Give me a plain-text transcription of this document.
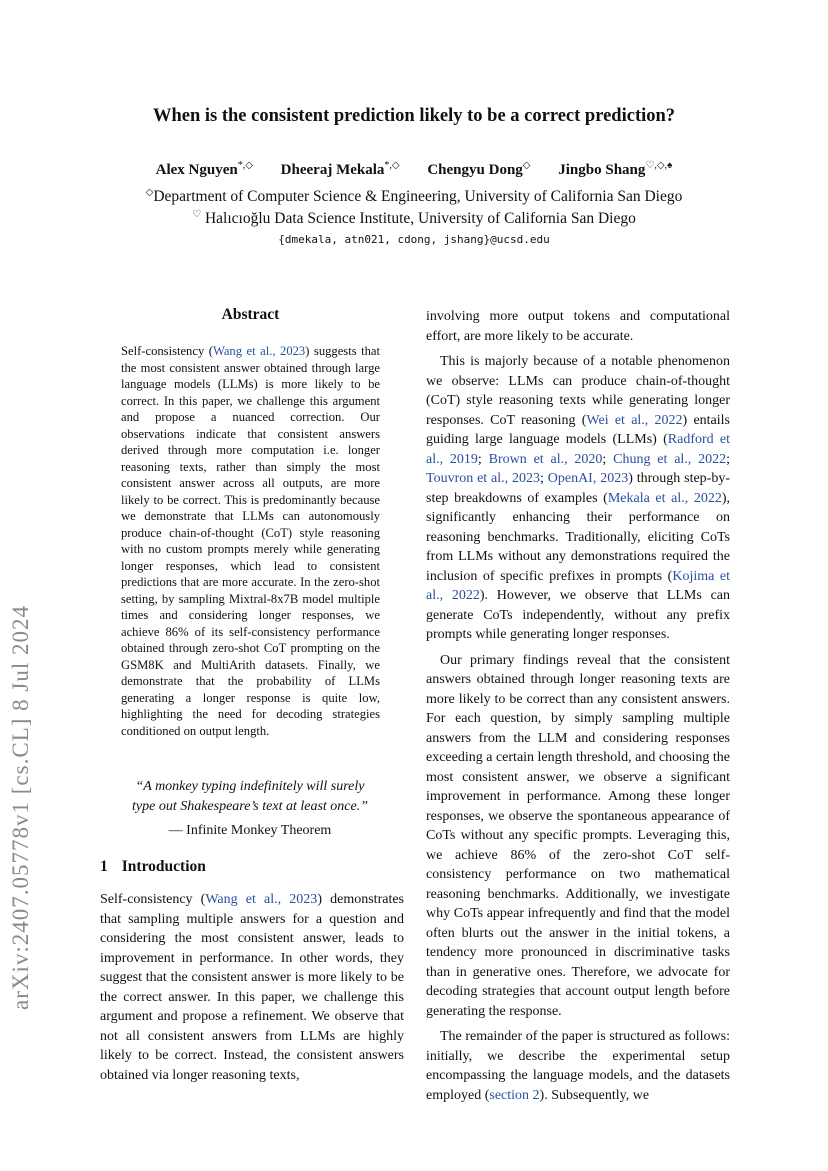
arXiv:2407.05778v1 [cs.CL] 8 Jul 2024
When is the consistent prediction likely to be a correct prediction?
Alex Nguyen*,◇ Dheeraj Mekala*,◇ Chengyu Dong◇ Jingbo Shang♡,◇,♠
◇Department of Computer Science & Engineering, University of California San Diego
♡ Halıcıoğlu Data Science Institute, University of California San Diego
{dmekala, atn021, cdong, jshang}@ucsd.edu
Abstract
Self-consistency (Wang et al., 2023) suggests that the most consistent answer obtained through large language models (LLMs) is more likely to be correct. In this paper, we challenge this argument and propose a nuanced correction. Our observations indicate that consistent answers derived through more computation i.e. longer reasoning texts, rather than simply the most consistent answer across all outputs, are more likely to be correct. This is predominantly because we demonstrate that LLMs can autonomously produce chain-of-thought (CoT) style reasoning with no custom prompts merely while generating longer responses, which lead to consistent predictions that are more accurate. In the zero-shot setting, by sampling Mixtral-8x7B model multiple times and considering longer responses, we achieve 86% of its self-consistency performance obtained through zero-shot CoT prompting on the GSM8K and MultiArith datasets. Finally, we demonstrate that the probability of LLMs generating a longer response is quite low, highlighting the need for decoding strategies conditioned on output length.
“A monkey typing indefinitely will surely
type out Shakespeare’s text at least once.”
— Infinite Monkey Theorem
1 Introduction

Self-consistency (Wang et al., 2023) demonstrates that sampling multiple answers for a question and considering the most consistent answer, leads to improvement in performance. In other words, they suggest that the consistent answer is more likely to be the correct answer. In this paper, we challenge this argument and propose a refinement. We observe that not all consistent answers from LLMs are highly likely to be correct. Instead, the consistent answers obtained via longer reasoning texts,

involving more output tokens and computational effort, are more likely to be accurate.

This is majorly because of a notable phenomenon we observe: LLMs can produce chain-of-thought (CoT) style reasoning texts while generating longer responses. CoT reasoning (Wei et al., 2022) entails guiding large language models (LLMs) (Radford et al., 2019; Brown et al., 2020; Chung et al., 2022; Touvron et al., 2023; OpenAI, 2023) through step-by-step breakdowns of examples (Mekala et al., 2022), significantly enhancing their performance on reasoning benchmarks. Traditionally, eliciting CoTs from LLMs without any demonstrations required the inclusion of specific prefixes in prompts (Kojima et al., 2022). However, we observe that LLMs can generate CoTs independently, without any prefix prompts while generating longer responses.

Our primary findings reveal that the consistent answers obtained through longer reasoning texts are more likely to be correct than any consistent answers. For each question, by simply sampling multiple answers from the LLM and considering responses exceeding a certain length threshold, and choosing the most consistent answer, we observe a significant improvement in performance. Among these longer responses, we observe the spontaneous appearance of CoTs without any specific prompts. Leveraging this, we achieve 86% of the zero-shot CoT self-consistency performance on two mathematical reasoning benchmarks. Additionally, we investigate why CoTs appear infrequently and find that the model often blurts out the answer in the initial tokens, a tendency more pronounced in discriminative tasks than in generative ones. Therefore, we advocate for decoding strategies that account output length before generating the response.

The remainder of the paper is structured as follows: initially, we describe the experimental setup encompassing the language models, and the datasets employed (section 2). Subsequently, we
